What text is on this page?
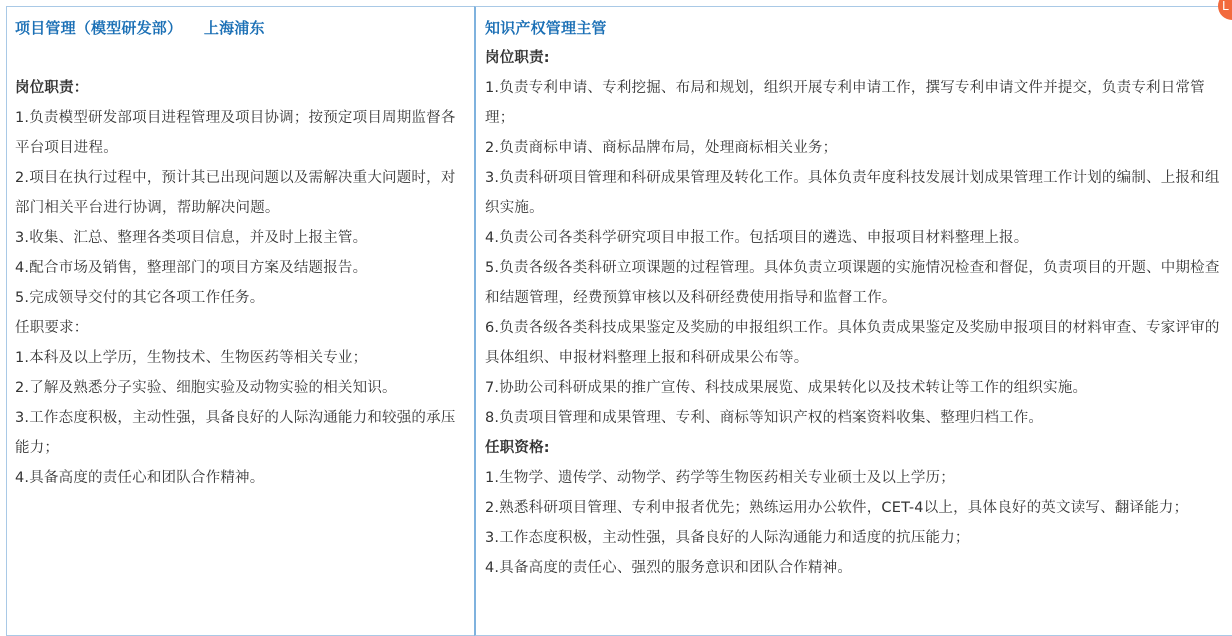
项目管理（模型研发部）    上海浦东
岗位职责：
1.负责模型研发部项目进程管理及项目协调；按预定项目周期监督各平台项目进程。
2.项目在执行过程中，预计其已出现问题以及需解决重大问题时，对部门相关平台进行协调，帮助解决问题。
3.收集、汇总、整理各类项目信息，并及时上报主管。
4.配合市场及销售，整理部门的项目方案及结题报告。
5.完成领导交付的其它各项工作任务。
任职要求：
1.本科及以上学历，生物技术、生物医药等相关专业；
2.了解及熟悉分子实验、细胞实验及动物实验的相关知识。
3.工作态度积极，主动性强，具备良好的人际沟通能力和较强的承压能力；
4.具备高度的责任心和团队合作精神。
知识产权管理主管
岗位职责:
1.负责专利申请、专利挖掘、布局和规划，组织开展专利申请工作，撰写专利申请文件并提交，负责专利日常管理；
2.负责商标申请、商标品牌布局，处理商标相关业务；
3.负责科研项目管理和科研成果管理及转化工作。具体负责年度科技发展计划成果管理工作计划的编制、上报和组织实施。
4.负责公司各类科学研究项目申报工作。包括项目的遴选、申报项目材料整理上报。
5.负责各级各类科研立项课题的过程管理。具体负责立项课题的实施情况检查和督促，负责项目的开题、中期检查和结题管理，经费预算审核以及科研经费使用指导和监督工作。
6.负责各级各类科技成果鉴定及奖励的申报组织工作。具体负责成果鉴定及奖励申报项目的材料审查、专家评审的具体组织、申报材料整理上报和科研成果公布等。
7.协助公司科研成果的推广宣传、科技成果展览、成果转化以及技术转让等工作的组织实施。
8.负责项目管理和成果管理、专利、商标等知识产权的档案资料收集、整理归档工作。
任职资格:
1.生物学、遗传学、动物学、药学等生物医药相关专业硕士及以上学历；
2.熟悉科研项目管理、专利申报者优先；熟练运用办公软件，CET-4以上，具体良好的英文读写、翻译能力；
3.工作态度积极，主动性强，具备良好的人际沟通能力和适度的抗压能力；
4.具备高度的责任心、强烈的服务意识和团队合作精神。
L
